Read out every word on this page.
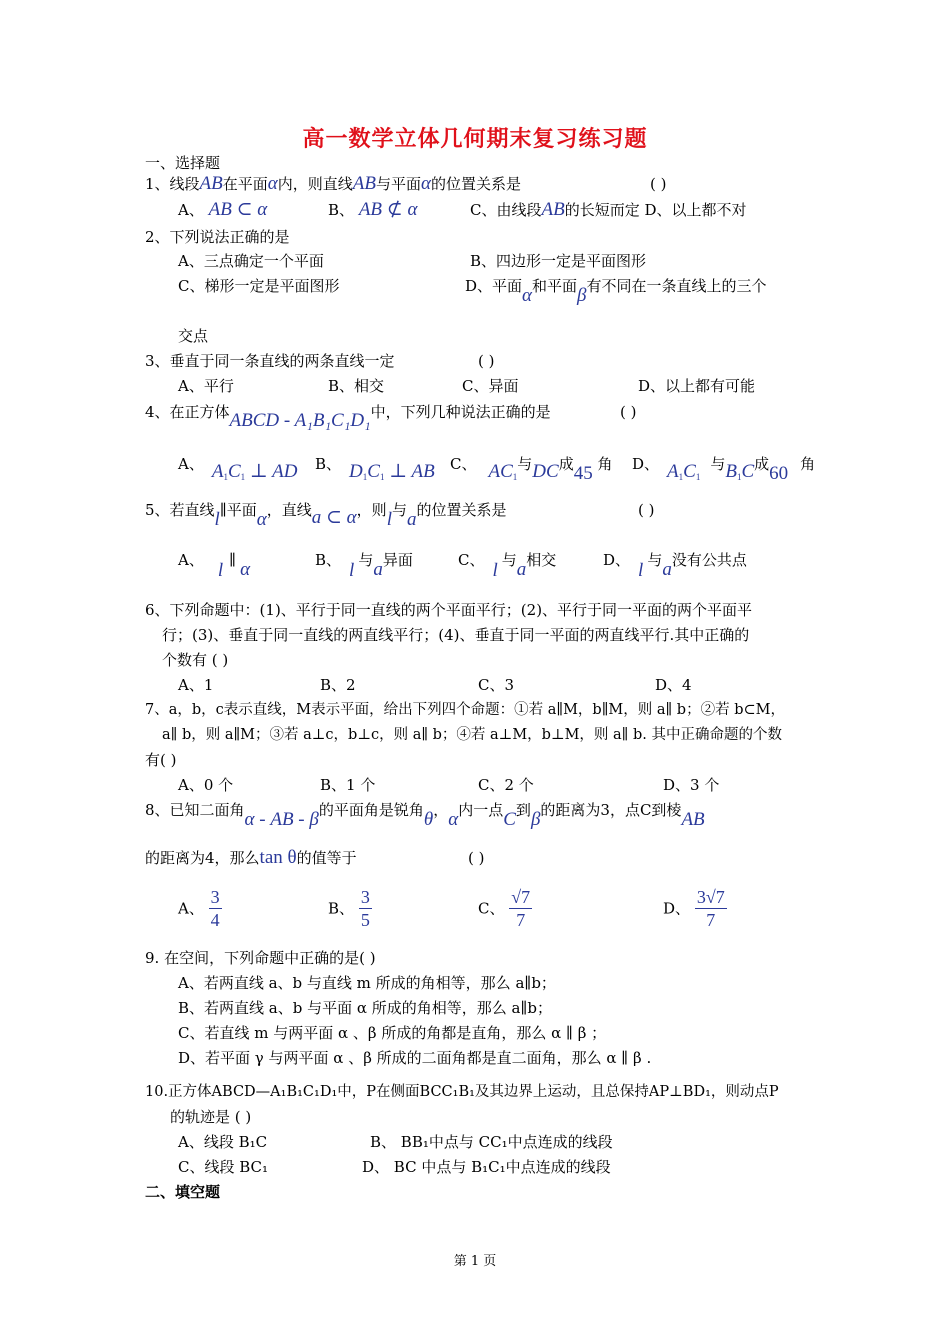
高一数学立体几何期末复习练习题
一、选择题
1、线段AB在平面α内，则直线AB与平面α的位置关系是	( )
A、 AB ⊂ α	B、 AB ⊄ α	C、由线段AB的长短而定 D、以上都不对
2、下列说法正确的是
A、三点确定一个平面	B、四边形一定是平面图形
C、梯形一定是平面图形	D、平面α和平面β有不同在一条直线上的三个
交点
3、垂直于同一条直线的两条直线一定	( )
A、平行	B、相交	C、异面	D、以上都有可能
4、在正方体ABCD - A₁B₁C₁D₁中，下列几种说法正确的是	( )
A、 $A_1C_1$ ⊥ AD B、 $D_1C_1$ ⊥ AB C、 $AC_1$与DC成45 角 D、 $A_1C_1$与$B_1C$成60 角
5、若直线l∥平面α，直线a ⊂ α，则l与a的位置关系是	( )
A、 l ∥ α	B、 l 与a异面	C、 l 与a相交	D、 l 与a没有公共点
6、下列命题中：(1)、平行于同一直线的两个平面平行；(2)、平行于同一平面的两个平面平
行；(3)、垂直于同一直线的两直线平行；(4)、垂直于同一平面的两直线平行.其中正确的
个数有 ( )
A、1	B、2	C、3	D、4
7、a，b，c表示直线，M表示平面，给出下列四个命题：①若 a∥M，b∥M，则 a∥ b；②若 b⊂M，
a∥ b，则 a∥M；③若 a⊥c，b⊥c，则 a∥ b；④若 a⊥M，b⊥M，则 a∥ b. 其中正确命题的个数
有( )
A、0 个	B、1 个	C、2 个	D、3 个
8、已知二面角α - AB - β的平面角是锐角θ，α内一点C到β的距离为3，点C到棱AB
的距离为4，那么tan θ的值等于	( )
A、 $\frac{3}{4}$	B、 $\frac{3}{5}$	C、 $\frac{√7}{7}$	D、 $\frac{3√7}{7}$
9. 在空间，下列命题中正确的是( )
A、若两直线 a、b 与直线 m 所成的角相等，那么 a∥b；
B、若两直线 a、b 与平面 α 所成的角相等，那么 a∥b；
C、若直线 m 与两平面 α 、β 所成的角都是直角，那么 α ∥ β ；
D、若平面 γ 与两平面 α 、β 所成的二面角都是直二面角，那么 α ∥ β .
10.正方体ABCD—A₁B₁C₁D₁中，P在侧面BCC₁B₁及其边界上运动，且总保持AP⊥BD₁，则动点P
的轨迹是 ( )
A、线段 B₁C	B、 BB₁中点与 CC₁中点连成的线段
C、线段 BC₁	D、 BC 中点与 B₁C₁中点连成的线段
二、填空题
第 1 页
